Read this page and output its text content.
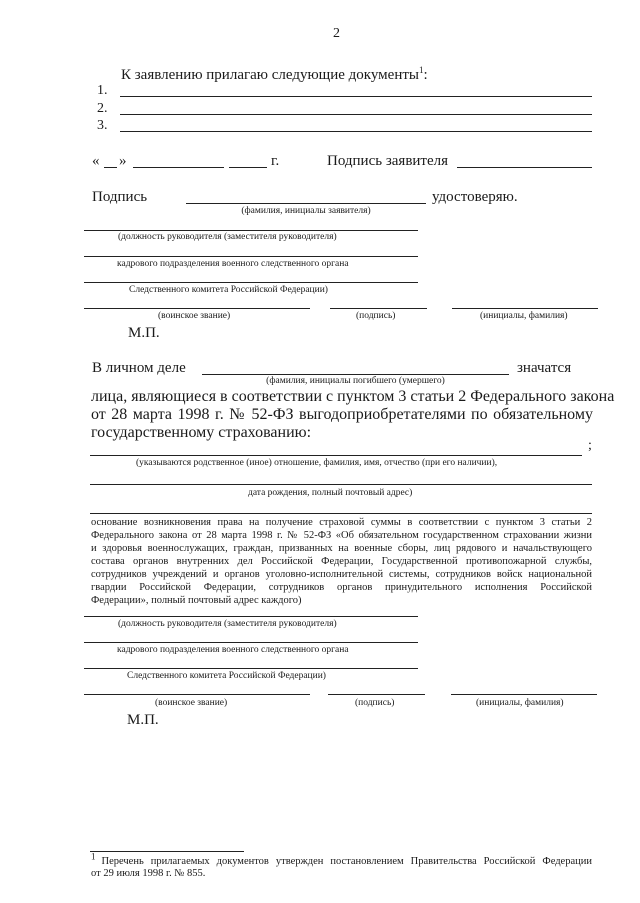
2
К заявлению прилагаю следующие документы$^1$:
1.
2.
3.
« »	г.	Подпись заявителя
Подпись	удостоверяю.
(фамилия, инициалы заявителя)
(должность руководителя (заместителя руководителя)
кадрового подразделения военного следственного органа
Следственного комитета Российской Федерации)
(воинское звание)	(подпись)	(инициалы, фамилия)
М.П.
В личном деле	значатся
(фамилия, инициалы погибшего (умершего)
лица, являющиеся в соответствии с пунктом 3 статьи 2 Федерального закона
от 28 марта 1998 г. № 52-ФЗ выгодоприобретателями по обязательному
государственному страхованию:
;
(указываются родственное (иное) отношение, фамилия, имя, отчество (при его наличии),
дата рождения, полный почтовый адрес)
основание возникновения права на получение страховой суммы в соответствии с пунктом 3 статьи 2
Федерального закона от 28 марта 1998 г. № 52-ФЗ «Об обязательном государственном страховании жизни
и здоровья военнослужащих, граждан, призванных на военные сборы, лиц рядового и начальствующего
состава органов внутренних дел Российской Федерации, Государственной противопожарной службы,
сотрудников учреждений и органов уголовно-исполнительной системы, сотрудников войск национальной
гвардии Российской Федерации, сотрудников органов принудительного исполнения Российской
Федерации», полный почтовый адрес каждого)
(должность руководителя (заместителя руководителя)
кадрового подразделения военного следственного органа
Следственного комитета Российской Федерации)
(воинское звание)	(подпись)	(инициалы, фамилия)
М.П.
$^1$ Перечень прилагаемых документов утвержден постановлением Правительства Российской Федерации
от 29 июля 1998 г. № 855.
